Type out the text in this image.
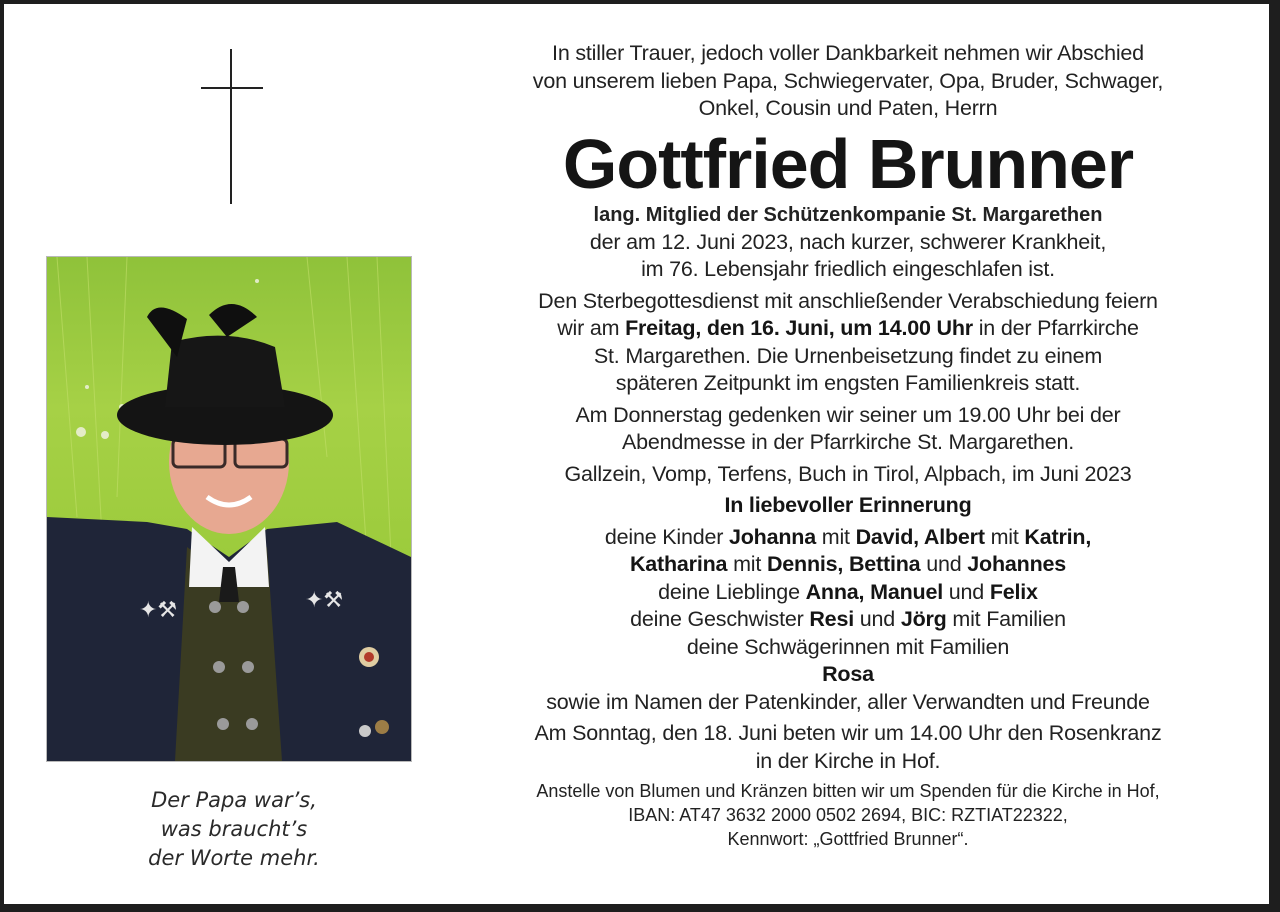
✦⚒	✦⚒
Der Papa war’s,
was braucht’s
der Worte mehr.
In stiller Trauer, jedoch voller Dankbarkeit nehmen wir Abschied
von unserem lieben Papa, Schwiegervater, Opa, Bruder, Schwager,
Onkel, Cousin und Paten, Herrn
Gottfried Brunner
lang. Mitglied der Schützenkompanie St. Margarethen
der am 12. Juni 2023, nach kurzer, schwerer Krankheit,
im 76. Lebensjahr friedlich eingeschlafen ist.
Den Sterbegottesdienst mit anschließender Verabschiedung feiern
wir am Freitag, den 16. Juni, um 14.00 Uhr in der Pfarrkirche
St. Margarethen. Die Urnenbeisetzung findet zu einem
späteren Zeitpunkt im engsten Familienkreis statt.
Am Donnerstag gedenken wir seiner um 19.00 Uhr bei der
Abendmesse in der Pfarrkirche St. Margarethen.
Gallzein, Vomp, Terfens, Buch in Tirol, Alpbach, im Juni 2023
In liebevoller Erinnerung
deine Kinder Johanna mit David, Albert mit Katrin,
Katharina mit Dennis, Bettina und Johannes
deine Lieblinge Anna, Manuel und Felix
deine Geschwister Resi und Jörg mit Familien
deine Schwägerinnen mit Familien
Rosa
sowie im Namen der Patenkinder, aller Verwandten und Freunde
Am Sonntag, den 18. Juni beten wir um 14.00 Uhr den Rosenkranz
in der Kirche in Hof.
Anstelle von Blumen und Kränzen bitten wir um Spenden für die Kirche in Hof,
IBAN: AT47 3632 2000 0502 2694, BIC: RZTIAT22322,
Kennwort: „Gottfried Brunner“.
